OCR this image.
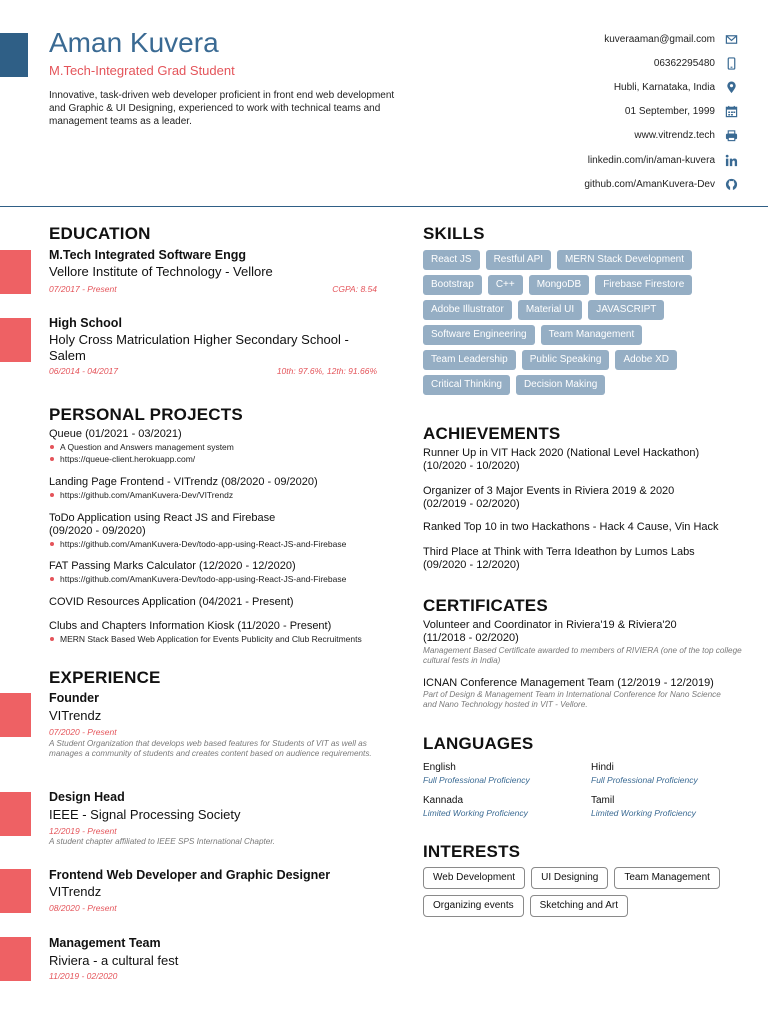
Aman Kuvera
M.Tech-Integrated Grad Student
Innovative, task-driven web developer proficient in front end web development and Graphic & UI Designing, experienced to work with technical teams and management teams as a leader.
kuveraaman@gmail.com
06362295480
Hubli, Karnataka, India
01 September, 1999
www.vitrendz.tech
linkedin.com/in/aman-kuvera
github.com/AmanKuvera-Dev
EDUCATION
M.Tech Integrated Software Engg
Vellore Institute of Technology - Vellore
07/2017 - Present	CGPA: 8.54
High School
Holy Cross Matriculation Higher Secondary School - Salem
06/2014 - 04/2017	10th: 97.6%, 12th: 91.66%
PERSONAL PROJECTS
Queue (01/2021 - 03/2021)
A Question and Answers management system
https://queue-client.herokuapp.com/
Landing Page Frontend - VITrendz (08/2020 - 09/2020)
https://github.com/AmanKuvera-Dev/VITrendz
ToDo Application using React JS and Firebase (09/2020 - 09/2020)
https://github.com/AmanKuvera-Dev/todo-app-using-React-JS-and-Firebase
FAT Passing Marks Calculator (12/2020 - 12/2020)
https://github.com/AmanKuvera-Dev/todo-app-using-React-JS-and-Firebase
COVID Resources Application (04/2021 - Present)
Clubs and Chapters Information Kiosk (11/2020 - Present)
MERN Stack Based Web Application for Events Publicity and Club Recruitments
EXPERIENCE
Founder
VITrendz
07/2020 - Present
A Student Organization that develops web based features for Students of VIT as well as manages a community of students and creates content based on audience requirements.
Design Head
IEEE - Signal Processing Society
12/2019 - Present
A student chapter affiliated to IEEE SPS International Chapter.
Frontend Web Developer and Graphic Designer
VITrendz
08/2020 - Present
Management Team
Riviera - a cultural fest
11/2019 - 02/2020
SKILLS
React JS	Restful API	MERN Stack Development
Bootstrap	C++	MongoDB	Firebase Firestore
Adobe Illustrator	Material UI	JAVASCRIPT
Software Engineering	Team Management
Team Leadership	Public Speaking	Adobe XD
Critical Thinking	Decision Making
ACHIEVEMENTS
Runner Up in VIT Hack 2020 (National Level Hackathon) (10/2020 - 10/2020)
Organizer of 3 Major Events in Riviera 2019 & 2020 (02/2019 - 02/2020)
Ranked Top 10 in two Hackathons - Hack 4 Cause, Vin Hack
Third Place at Think with Terra Ideathon by Lumos Labs (09/2020 - 12/2020)
CERTIFICATES
Volunteer and Coordinator in Riviera'19 & Riviera'20 (11/2018 - 02/2020)
Management Based Certificate awarded to members of RIVIERA (one of the top college cultural fests in India)
ICNAN Conference Management Team (12/2019 - 12/2019)
Part of Design & Management Team in International Conference for Nano Science and Nano Technology hosted in VIT - Vellore.
LANGUAGES
English
Full Professional Proficiency
Hindi
Full Professional Proficiency
Kannada
Limited Working Proficiency
Tamil
Limited Working Proficiency
INTERESTS
Web Development	UI Designing	Team Management
Organizing events	Sketching and Art
